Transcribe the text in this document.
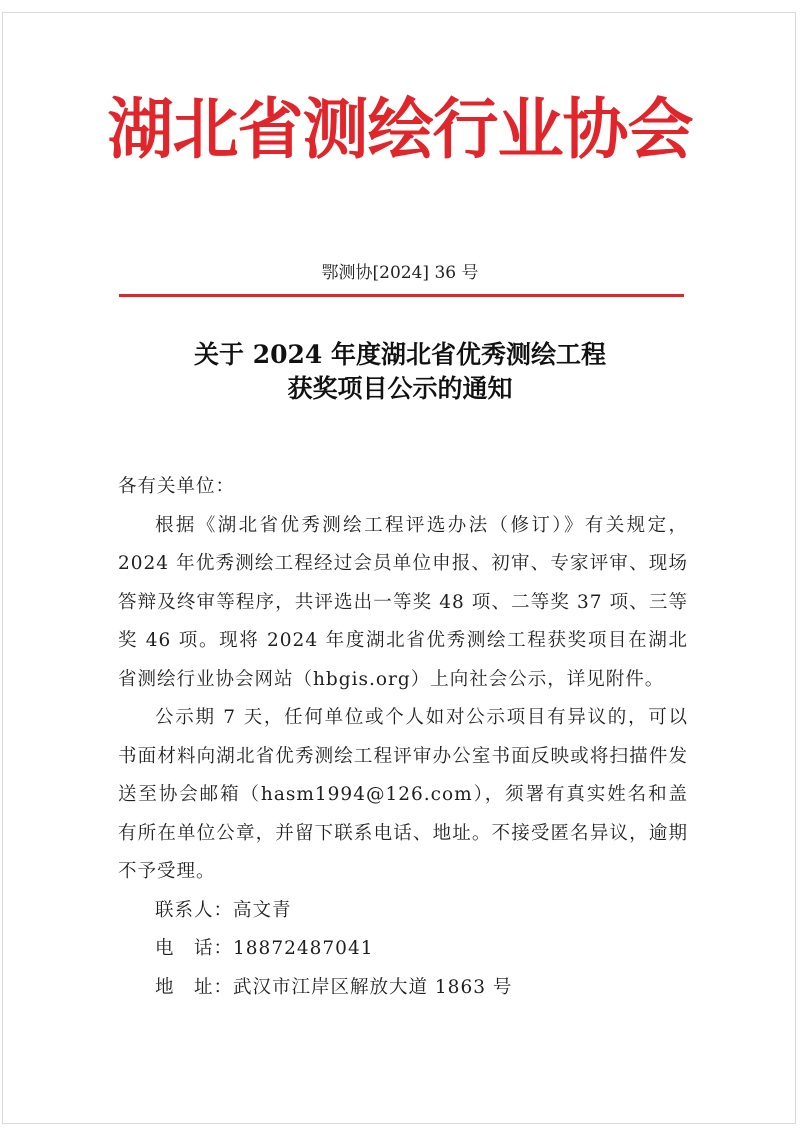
湖北省测绘行业协会
鄂测协[2024] 36 号
关于 2024 年度湖北省优秀测绘工程
获奖项目公示的通知

各有关单位：

根据《湖北省优秀测绘工程评选办法（修订）》有关规定，2024 年优秀测绘工程经过会员单位申报、初审、专家评审、现场答辩及终审等程序，共评选出一等奖 48 项、二等奖 37 项、三等奖 46 项。现将 2024 年度湖北省优秀测绘工程获奖项目在湖北省测绘行业协会网站（hbgis.org）上向社会公示，详见附件。

公示期 7 天，任何单位或个人如对公示项目有异议的，可以书面材料向湖北省优秀测绘工程评审办公室书面反映或将扫描件发送至协会邮箱（hasm1994@126.com），须署有真实姓名和盖有所在单位公章，并留下联系电话、地址。不接受匿名异议，逾期不予受理。

联系人：高文青

电　话：18872487041

地　址：武汉市江岸区解放大道 1863 号
